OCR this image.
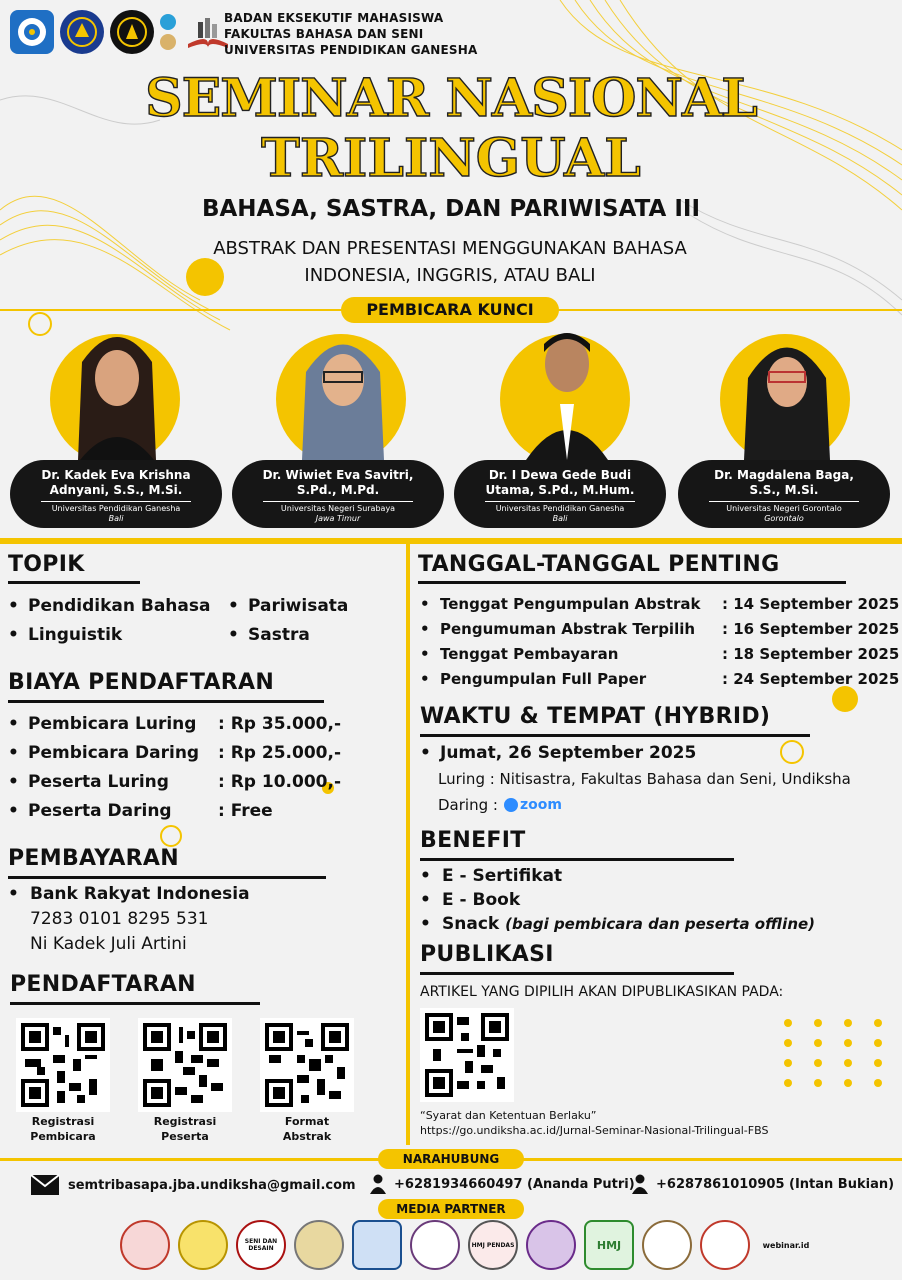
BADAN EKSEKUTIF MAHASISWA
FAKULTAS BAHASA DAN SENI
UNIVERSITAS PENDIDIKAN GANESHA
SEMINAR NASIONAL
TRILINGUAL
BAHASA, SASTRA, DAN PARIWISATA III
ABSTRAK DAN PRESENTASI MENGGUNAKAN BAHASA
INDONESIA, INGGRIS, ATAU BALI
PEMBICARA KUNCI
Dr. Kadek Eva Krishna
Adnyani, S.S., M.Si.
Universitas Pendidikan Ganesha
Bali
Dr. Wiwiet Eva Savitri,
S.Pd., M.Pd.
Universitas Negeri Surabaya
Jawa Timur
Dr. I Dewa Gede Budi
Utama, S.Pd., M.Hum.
Universitas Pendidikan Ganesha
Bali
Dr. Magdalena Baga,
S.S., M.Si.
Universitas Negeri Gorontalo
Gorontalo
TOPIK
• Pendidikan Bahasa	• Pariwisata
• Linguistik	• Sastra
BIAYA PENDAFTARAN
• Pembicara Luring	: Rp 35.000,-
• Pembicara Daring	: Rp 25.000,-
• Peserta Luring	: Rp 10.000,-
• Peserta Daring	: Free
PEMBAYARAN
• Bank Rakyat Indonesia
7283 0101 8295 531
Ni Kadek Juli Artini
PENDAFTARAN
Registrasi
Pembicara
Registrasi
Peserta
Format
Abstrak
TANGGAL-TANGGAL PENTING
• Tenggat Pengumpulan Abstrak	: 14 September 2025
• Pengumuman Abstrak Terpilih	: 16 September 2025
• Tenggat Pembayaran	: 18 September 2025
• Pengumpulan Full Paper	: 24 September 2025
WAKTU & TEMPAT (HYBRID)
• Jumat, 26 September 2025
Luring : Nitisastra, Fakultas Bahasa dan Seni, Undiksha
Daring : zoom
BENEFIT
• E - Sertifikat
• E - Book
• Snack (bagi pembicara dan peserta offline)
PUBLIKASI
ARTIKEL YANG DIPILIH AKAN DIPUBLIKASIKAN PADA:
“Syarat dan Ketentuan Berlaku”
https://go.undiksha.ac.id/Jurnal-Seminar-Nasional-Trilingual-FBS
NARAHUBUNG
semtribasapa.jba.undiksha@gmail.com	+6281934660497 (Ananda Putri) +6287861010905 (Intan Bukian)
MEDIA PARTNER
SENI DAN DESAIN	HMJ PENDAS	HMJ	webinar.id
